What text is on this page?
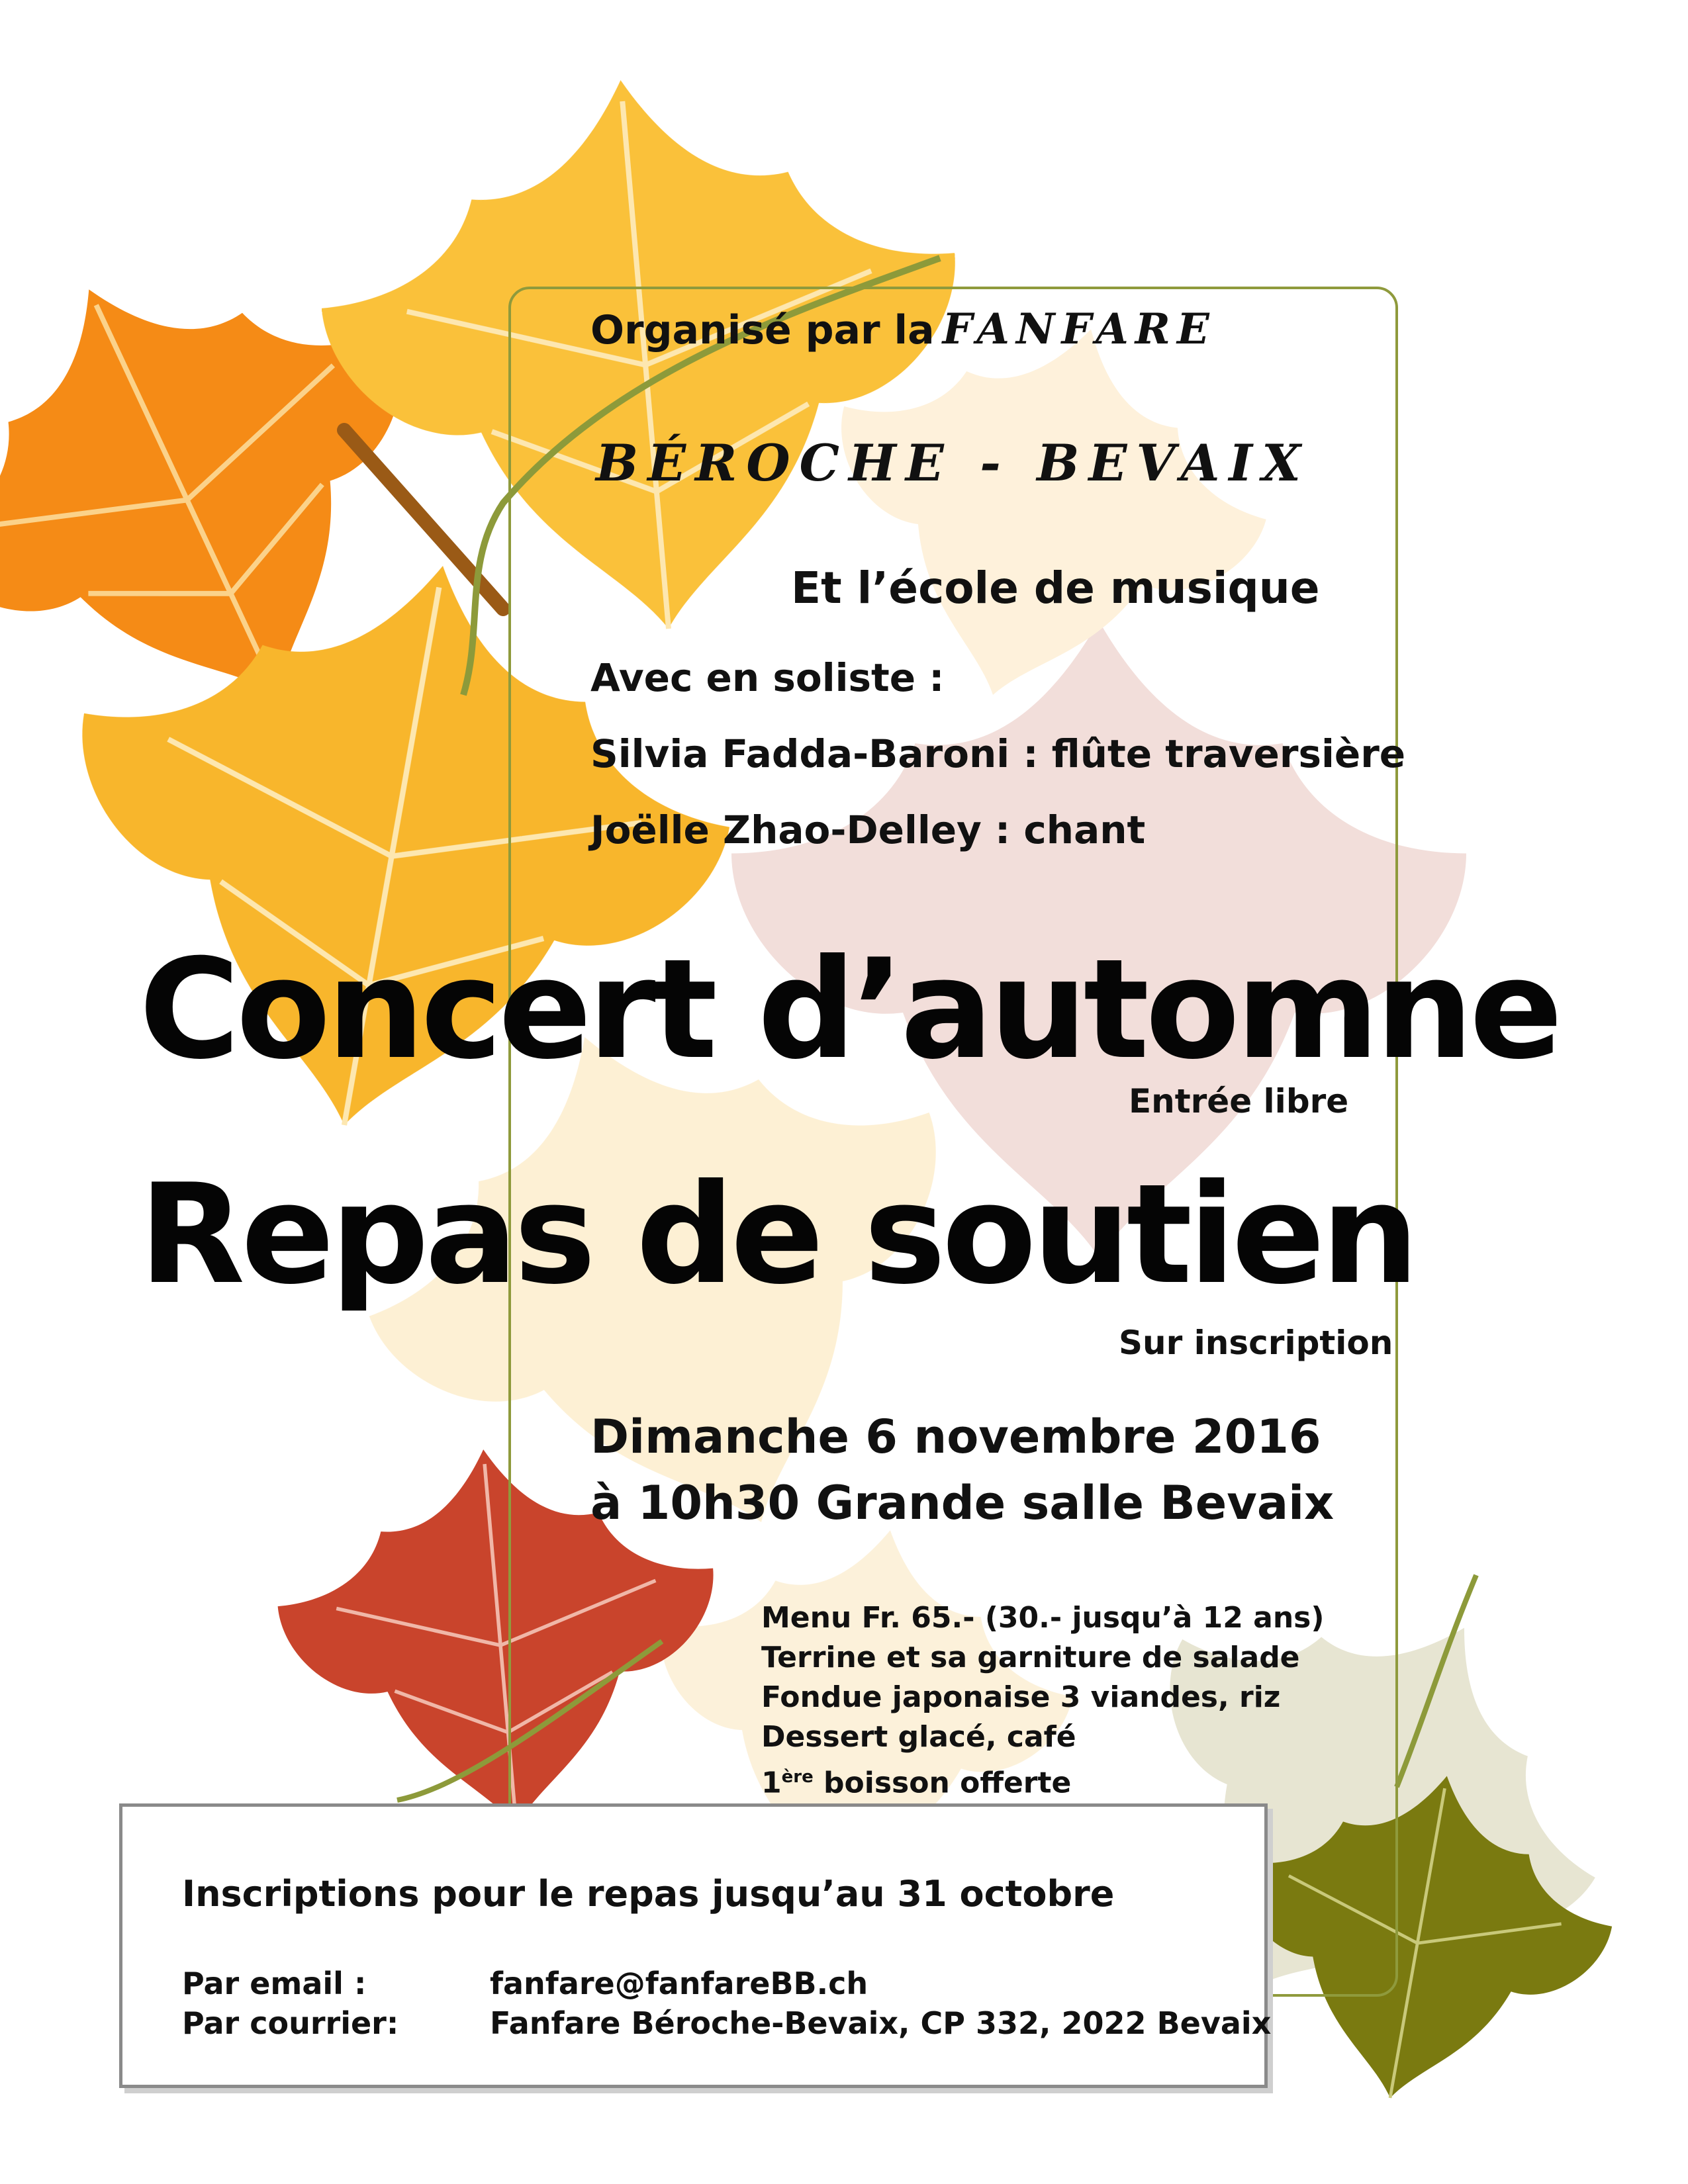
Organisé par la FANFARE
BÉROCHE - BEVAIX
Et l’école de musique
Avec en soliste :
Silvia Fadda-Baroni : flûte traversière
Joëlle Zhao-Delley : chant
Concert d’automne
Entrée libre
Repas de soutien
Sur inscription
Dimanche 6 novembre 2016
à 10h30 Grande salle Bevaix
Menu Fr. 65.- (30.- jusqu’à 12 ans)
Terrine et sa garniture de salade
Fondue japonaise 3 viandes, riz
Dessert glacé, café
1ère boisson offerte
Inscriptions pour le repas jusqu’au 31 octobre
Par email :	fanfare@fanfareBB.ch
Par courrier:	Fanfare Béroche-Bevaix, CP 332, 2022 Bevaix
